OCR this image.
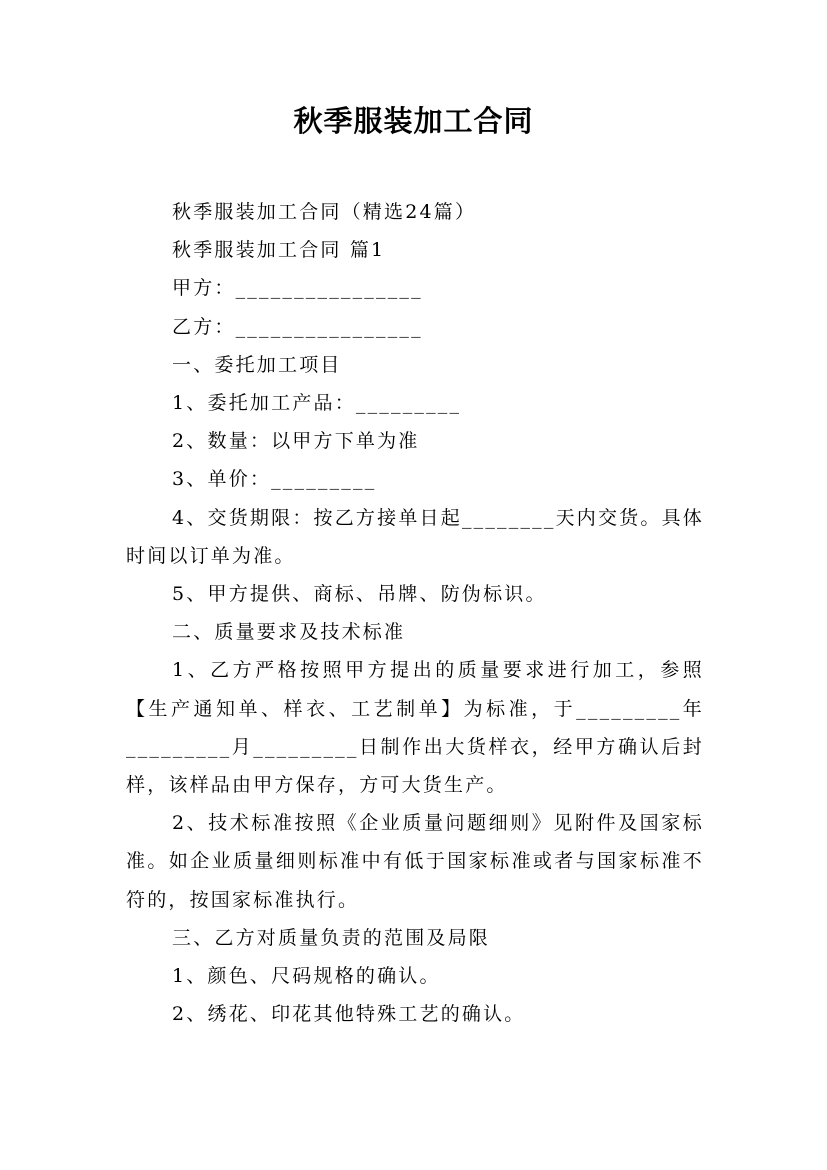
秋季服装加工合同

秋季服装加工合同（精选24篇）

秋季服装加工合同 篇1

甲方：________________

乙方：________________

一、委托加工项目

1、委托加工产品：_________

2、数量：以甲方下单为准

3、单价：_________

4、交货期限：按乙方接单日起________天内交货。具体时间以订单为准。

5、甲方提供、商标、吊牌、防伪标识。

二、质量要求及技术标准

1、乙方严格按照甲方提出的质量要求进行加工，参照【生产通知单、样衣、工艺制单】为标准，于_________年_________月_________日制作出大货样衣，经甲方确认后封样，该样品由甲方保存，方可大货生产。

2、技术标准按照《企业质量问题细则》见附件及国家标准。如企业质量细则标准中有低于国家标准或者与国家标准不符的，按国家标准执行。

三、乙方对质量负责的范围及局限

1、颜色、尺码规格的确认。

2、绣花、印花其他特殊工艺的确认。
